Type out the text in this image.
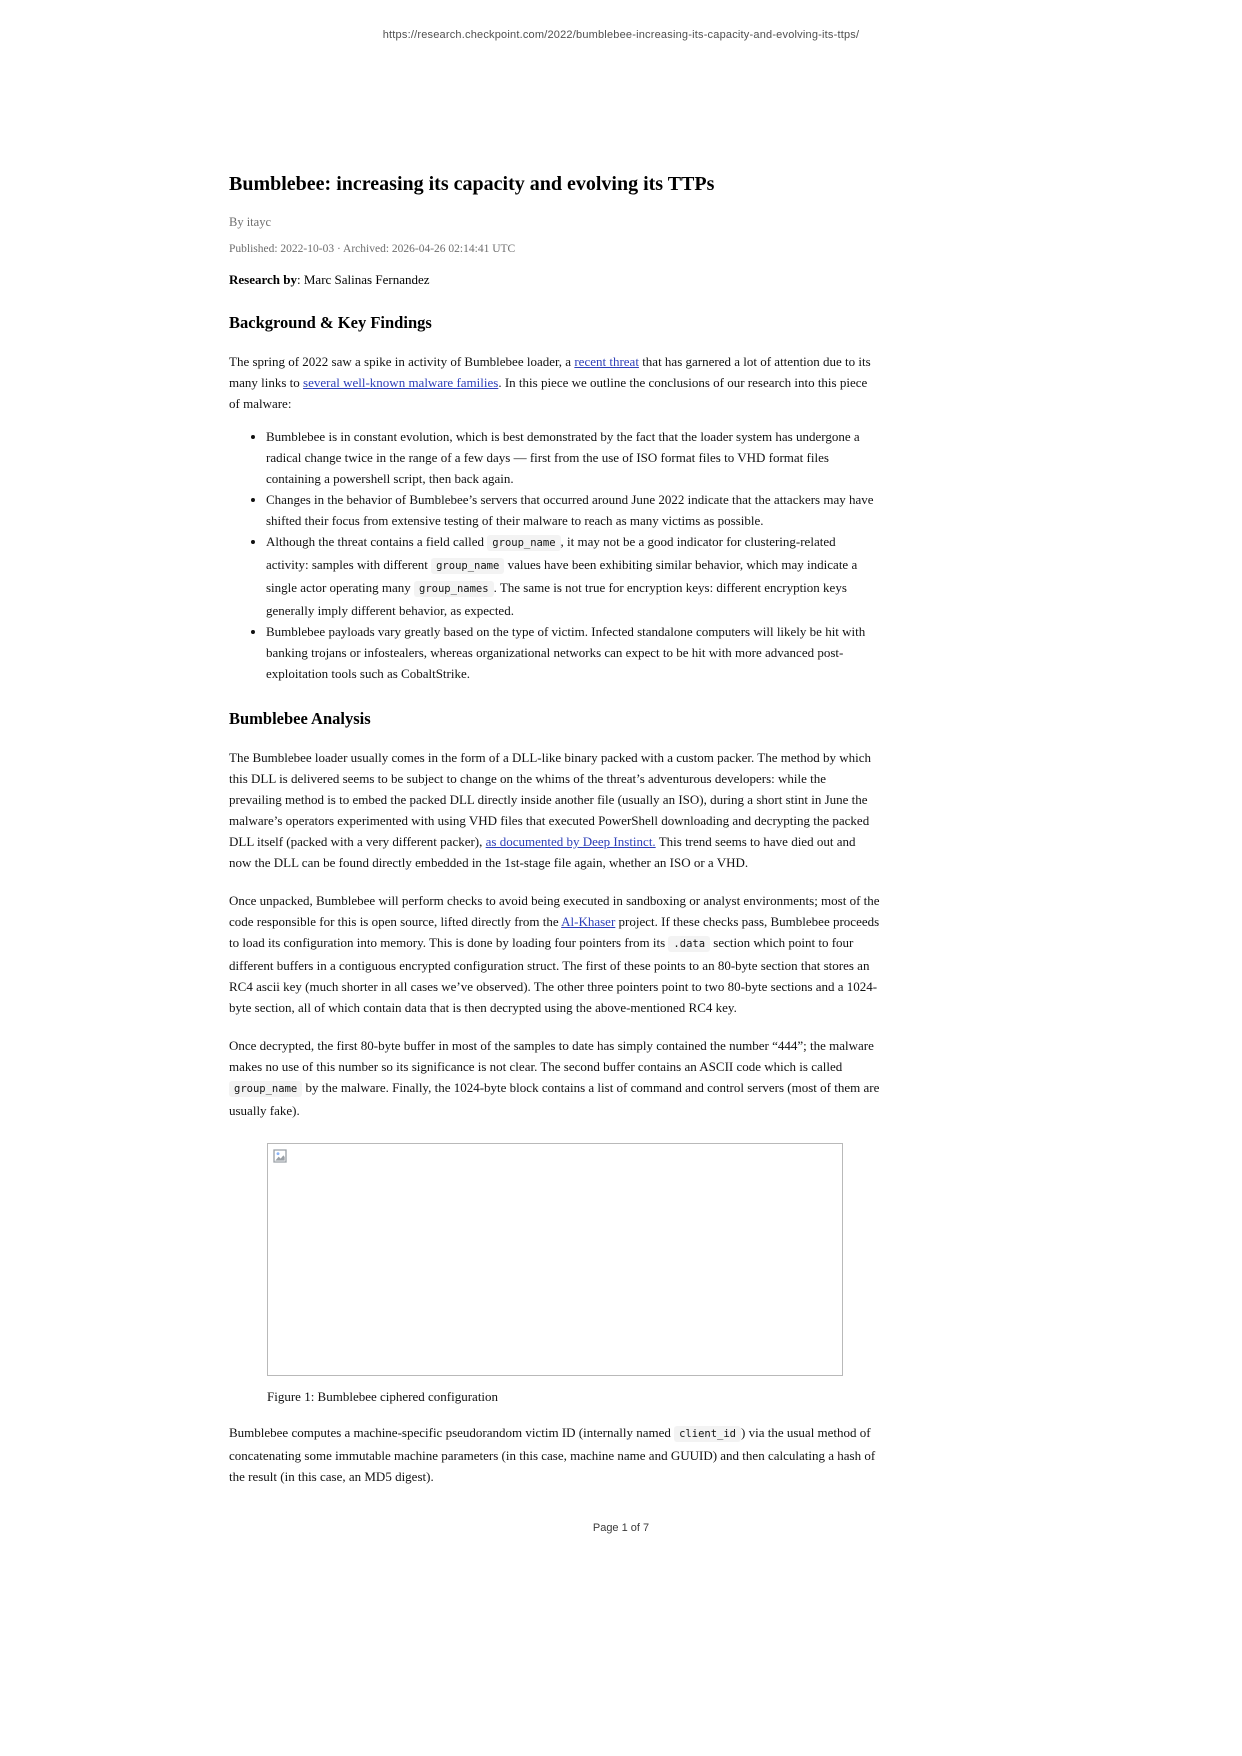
https://research.checkpoint.com/2022/bumblebee-increasing-its-capacity-and-evolving-its-ttps/
Bumblebee: increasing its capacity and evolving its TTPs
By itayc
Published: 2022-10-03 · Archived: 2026-04-26 02:14:41 UTC
Research by: Marc Salinas Fernandez
Background & Key Findings

The spring of 2022 saw a spike in activity of Bumblebee loader, a recent threat that has garnered a lot of attention due to its many links to several well-known malware families. In this piece we outline the conclusions of our research into this piece of malware:

• Bumblebee is in constant evolution, which is best demonstrated by the fact that the loader system has undergone a radical change twice in the range of a few days — first from the use of ISO format files to VHD format files containing a powershell script, then back again.
• Changes in the behavior of Bumblebee’s servers that occurred around June 2022 indicate that the attackers may have shifted their focus from extensive testing of their malware to reach as many victims as possible.
• Although the threat contains a field called group_name , it may not be a good indicator for clustering-related activity: samples with different group_name values have been exhibiting similar behavior, which may indicate a single actor operating many group_names . The same is not true for encryption keys: different encryption keys generally imply different behavior, as expected.
• Bumblebee payloads vary greatly based on the type of victim. Infected standalone computers will likely be hit with banking trojans or infostealers, whereas organizational networks can expect to be hit with more advanced post-exploitation tools such as CobaltStrike.
Bumblebee Analysis

The Bumblebee loader usually comes in the form of a DLL-like binary packed with a custom packer. The method by which this DLL is delivered seems to be subject to change on the whims of the threat’s adventurous developers: while the prevailing method is to embed the packed DLL directly inside another file (usually an ISO), during a short stint in June the malware’s operators experimented with using VHD files that executed PowerShell downloading and decrypting the packed DLL itself (packed with a very different packer), as documented by Deep Instinct. This trend seems to have died out and now the DLL can be found directly embedded in the 1st-stage file again, whether an ISO or a VHD.

Once unpacked, Bumblebee will perform checks to avoid being executed in sandboxing or analyst environments; most of the code responsible for this is open source, lifted directly from the Al-Khaser project. If these checks pass, Bumblebee proceeds to load its configuration into memory. This is done by loading four pointers from its .data section which point to four different buffers in a contiguous encrypted configuration struct. The first of these points to an 80-byte section that stores an RC4 ascii key (much shorter in all cases we’ve observed). The other three pointers point to two 80-byte sections and a 1024-byte section, all of which contain data that is then decrypted using the above-mentioned RC4 key.

Once decrypted, the first 80-byte buffer in most of the samples to date has simply contained the number “444”; the malware makes no use of this number so its significance is not clear. The second buffer contains an ASCII code which is called group_name by the malware. Finally, the 1024-byte block contains a list of command and control servers (most of them are usually fake).

Figure 1: Bumblebee ciphered configuration

Bumblebee computes a machine-specific pseudorandom victim ID (internally named client_id ) via the usual method of concatenating some immutable machine parameters (in this case, machine name and GUUID) and then calculating a hash of the result (in this case, an MD5 digest).

Page 1 of 7
